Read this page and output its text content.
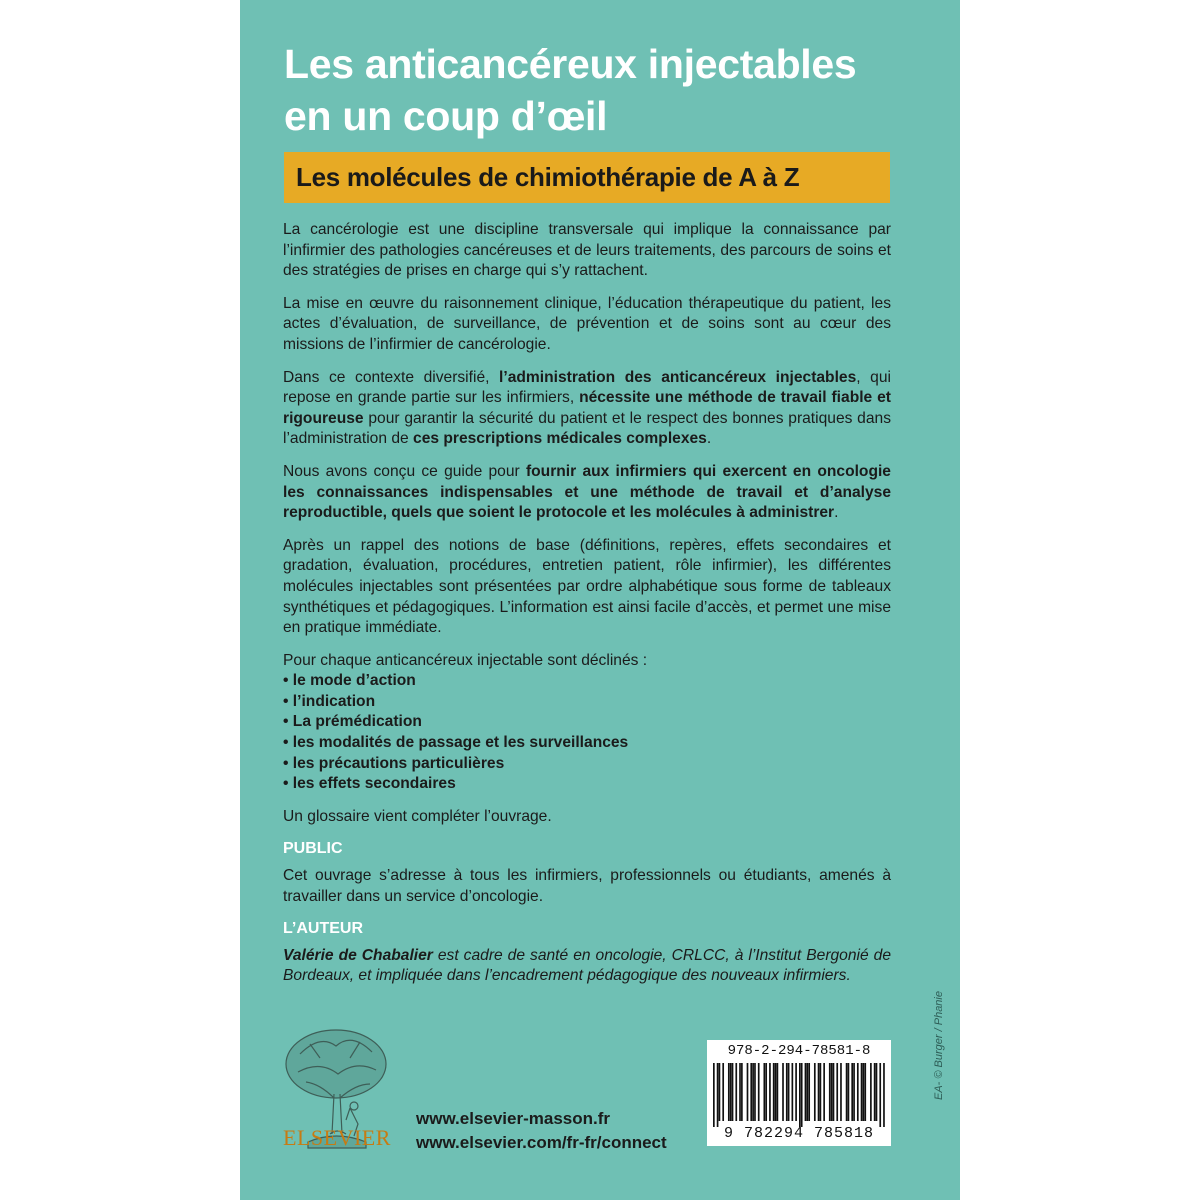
Les anticancéreux injectables
en un coup d’œil
Les molécules de chimiothérapie de A à Z

La cancérologie est une discipline transversale qui implique la connaissance par l’infirmier des pathologies cancéreuses et de leurs traitements, des parcours de soins et des stratégies de prises en charge qui s’y rattachent.

La mise en œuvre du raisonnement clinique, l’éducation thérapeutique du patient, les actes d’évaluation, de surveillance, de prévention et de soins sont au cœur des missions de l’infirmier de cancérologie.

Dans ce contexte diversifié, l’administration des anticancéreux injectables, qui repose en grande partie sur les infirmiers, nécessite une méthode de travail fiable et rigoureuse pour garantir la sécurité du patient et le respect des bonnes pratiques dans l’administration de ces prescriptions médicales complexes.

Nous avons conçu ce guide pour fournir aux infirmiers qui exercent en oncologie les connaissances indispensables et une méthode de travail et d’analyse reproductible, quels que soient le protocole et les molécules à administrer.

Après un rappel des notions de base (définitions, repères, effets secondaires et gradation, évaluation, procédures, entretien patient, rôle infirmier), les différentes molécules injectables sont présentées par ordre alphabétique sous forme de tableaux synthétiques et pédagogiques. L’information est ainsi facile d’accès, et permet une mise en pratique immédiate.

Pour chaque anticancéreux injectable sont déclinés :
• le mode d’action
• l’indication
• La prémédication
• les modalités de passage et les surveillances
• les précautions particulières
• les effets secondaires

Un glossaire vient compléter l’ouvrage.

PUBLIC

Cet ouvrage s’adresse à tous les infirmiers, professionnels ou étudiants, amenés à travailler dans un service d’oncologie.

L’AUTEUR

Valérie de Chabalier est cadre de santé en oncologie, CRLCC, à l’Institut Bergonié de Bordeaux, et impliquée dans l’encadrement pédagogique des nouveaux infirmiers.

ELSEVIER
www.elsevier-masson.fr
www.elsevier.com/fr-fr/connect
978-2-294-78581-8
9 782294 785818
EA- © Burger / Phanie
